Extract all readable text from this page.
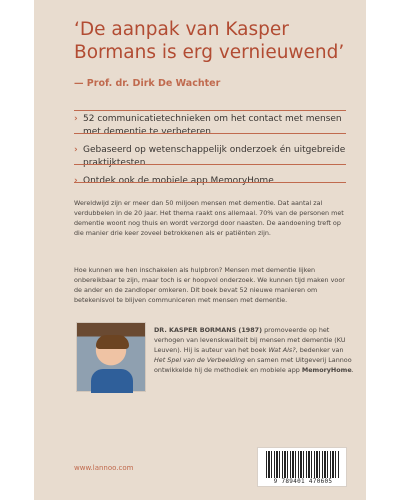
‘De aanpak van Kasper Bormans is erg vernieuwend’
— Prof. dr. Dirk De Wachter
› 52 communicatietechnieken om het contact met mensen met dementie te verbeteren
› Gebaseerd op wetenschappelijk onderzoek én uitgebreide praktijktesten
› Ontdek ook de mobiele app MemoryHome

Wereldwijd zijn er meer dan 50 miljoen mensen met dementie. Dat aantal zal verdubbelen in de 20 jaar. Het thema raakt ons allemaal. 70% van de personen met dementie woont nog thuis en wordt verzorgd door naasten. De aandoening treft op die manier drie keer zoveel betrokkenen als er patiënten zijn.

Hoe kunnen we hen inschakelen als hulpbron? Mensen met dementie lijken onbereikbaar te zijn, maar toch is er hoopvol onderzoek. We kunnen tijd maken voor de ander en de zandloper omkeren. Dit boek bevat 52 nieuwe manieren om betekenisvol te blijven communiceren met mensen met dementie.

DR. KASPER BORMANS (1987) promoveerde op het verhogen van levenskwaliteit bij mensen met dementie (KU Leuven). Hij is auteur van het boek Wat Als?, bedenker van Het Spel van de Verbeelding en samen met Uitgeverij Lannoo ontwikkelde hij de methodiek en mobiele app MemoryHome.

www.lannoo.com
9 789401 470605
